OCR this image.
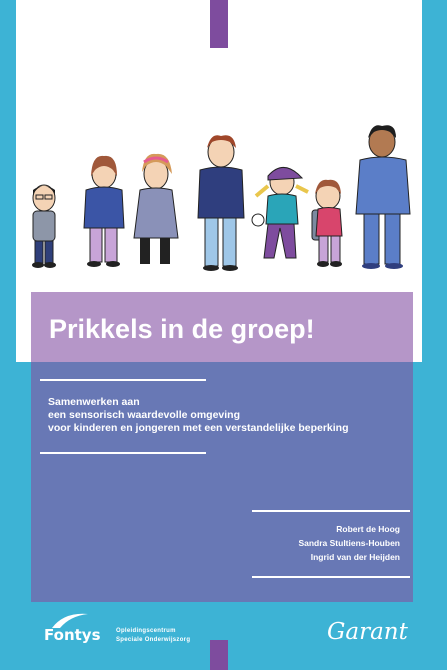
Prikkels in de groep!
Samenwerken aan
een sensorisch waardevolle omgeving
voor kinderen en jongeren met een verstandelijke beperking
Robert de Hoog
Sandra Stultiens-Houben
Ingrid van der Heijden
Fontys	Opleidingscentrum
Speciale Onderwijszorg	Garant
